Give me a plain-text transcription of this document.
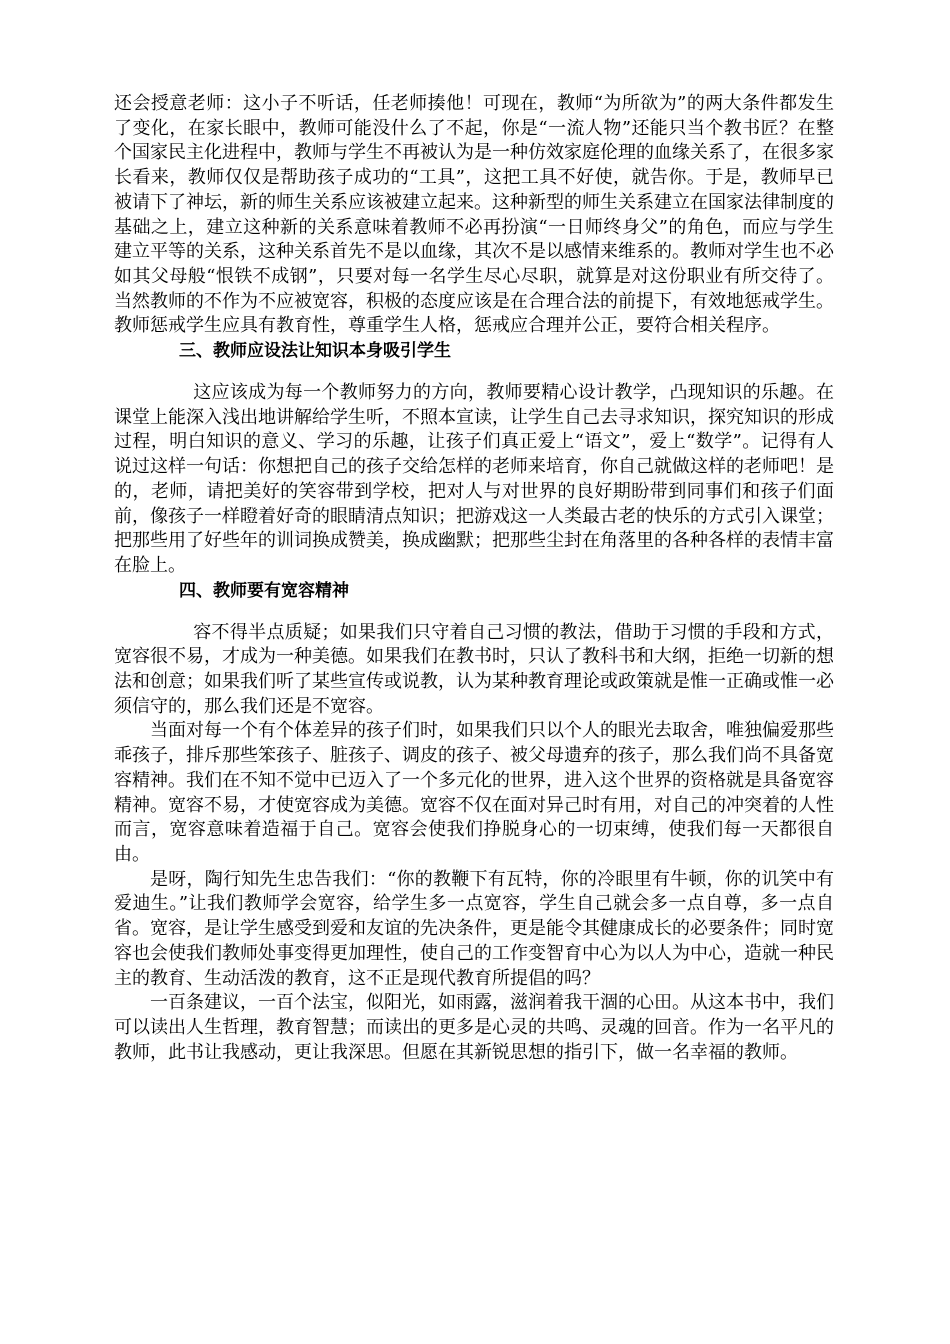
还会授意老师：这小子不听话，任老师揍他！可现在，教师“为所欲为”的两大条件都发生了变化，在家长眼中，教师可能没什么了不起，你是“一流人物”还能只当个教书匠？在整个国家民主化进程中，教师与学生不再被认为是一种仿效家庭伦理的血缘关系了，在很多家长看来，教师仅仅是帮助孩子成功的“工具”，这把工具不好使，就告你。于是，教师早已被请下了神坛，新的师生关系应该被建立起来。这种新型的师生关系建立在国家法律制度的基础之上，建立这种新的关系意味着教师不必再扮演“一日师终身父”的角色，而应与学生建立平等的关系，这种关系首先不是以血缘，其次不是以感情来维系的。教师对学生也不必如其父母般“恨铁不成钢”，只要对每一名学生尽心尽职，就算是对这份职业有所交待了。当然教师的不作为不应被宽容，积极的态度应该是在合理合法的前提下，有效地惩戒学生。教师惩戒学生应具有教育性，尊重学生人格，惩戒应合理并公正，要符合相关程序。

三、教师应设法让知识本身吸引学生

这应该成为每一个教师努力的方向，教师要精心设计教学，凸现知识的乐趣。在课堂上能深入浅出地讲解给学生听，不照本宣读，让学生自己去寻求知识，探究知识的形成过程，明白知识的意义、学习的乐趣，让孩子们真正爱上“语文”，爱上“数学”。记得有人说过这样一句话：你想把自己的孩子交给怎样的老师来培育，你自己就做这样的老师吧！是的，老师，请把美好的笑容带到学校，把对人与对世界的良好期盼带到同事们和孩子们面前，像孩子一样瞪着好奇的眼睛清点知识；把游戏这一人类最古老的快乐的方式引入课堂；把那些用了好些年的训词换成赞美，换成幽默；把那些尘封在角落里的各种各样的表情丰富在脸上。

四、教师要有宽容精神

容不得半点质疑；如果我们只守着自己习惯的教法，借助于习惯的手段和方式，宽容很不易，才成为一种美德。如果我们在教书时，只认了教科书和大纲，拒绝一切新的想法和创意；如果我们听了某些宣传或说教，认为某种教育理论或政策就是惟一正确或惟一必须信守的，那么我们还是不宽容。

当面对每一个有个体差异的孩子们时，如果我们只以个人的眼光去取舍，唯独偏爱那些乖孩子，排斥那些笨孩子、脏孩子、调皮的孩子、被父母遗弃的孩子，那么我们尚不具备宽容精神。我们在不知不觉中已迈入了一个多元化的世界，进入这个世界的资格就是具备宽容精神。宽容不易，才使宽容成为美德。宽容不仅在面对异己时有用，对自己的冲突着的人性而言，宽容意味着造福于自己。宽容会使我们挣脱身心的一切束缚，使我们每一天都很自由。

是呀，陶行知先生忠告我们：“你的教鞭下有瓦特，你的冷眼里有牛顿，你的讥笑中有爱迪生。”让我们教师学会宽容，给学生多一点宽容，学生自己就会多一点自尊，多一点自省。宽容，是让学生感受到爱和友谊的先决条件，更是能令其健康成长的必要条件；同时宽容也会使我们教师处事变得更加理性，使自己的工作变智育中心为以人为中心，造就一种民主的教育、生动活泼的教育，这不正是现代教育所提倡的吗？

一百条建议，一百个法宝，似阳光，如雨露，滋润着我干涸的心田。从这本书中，我们可以读出人生哲理，教育智慧；而读出的更多是心灵的共鸣、灵魂的回音。作为一名平凡的教师，此书让我感动，更让我深思。但愿在其新锐思想的指引下，做一名幸福的教师。
